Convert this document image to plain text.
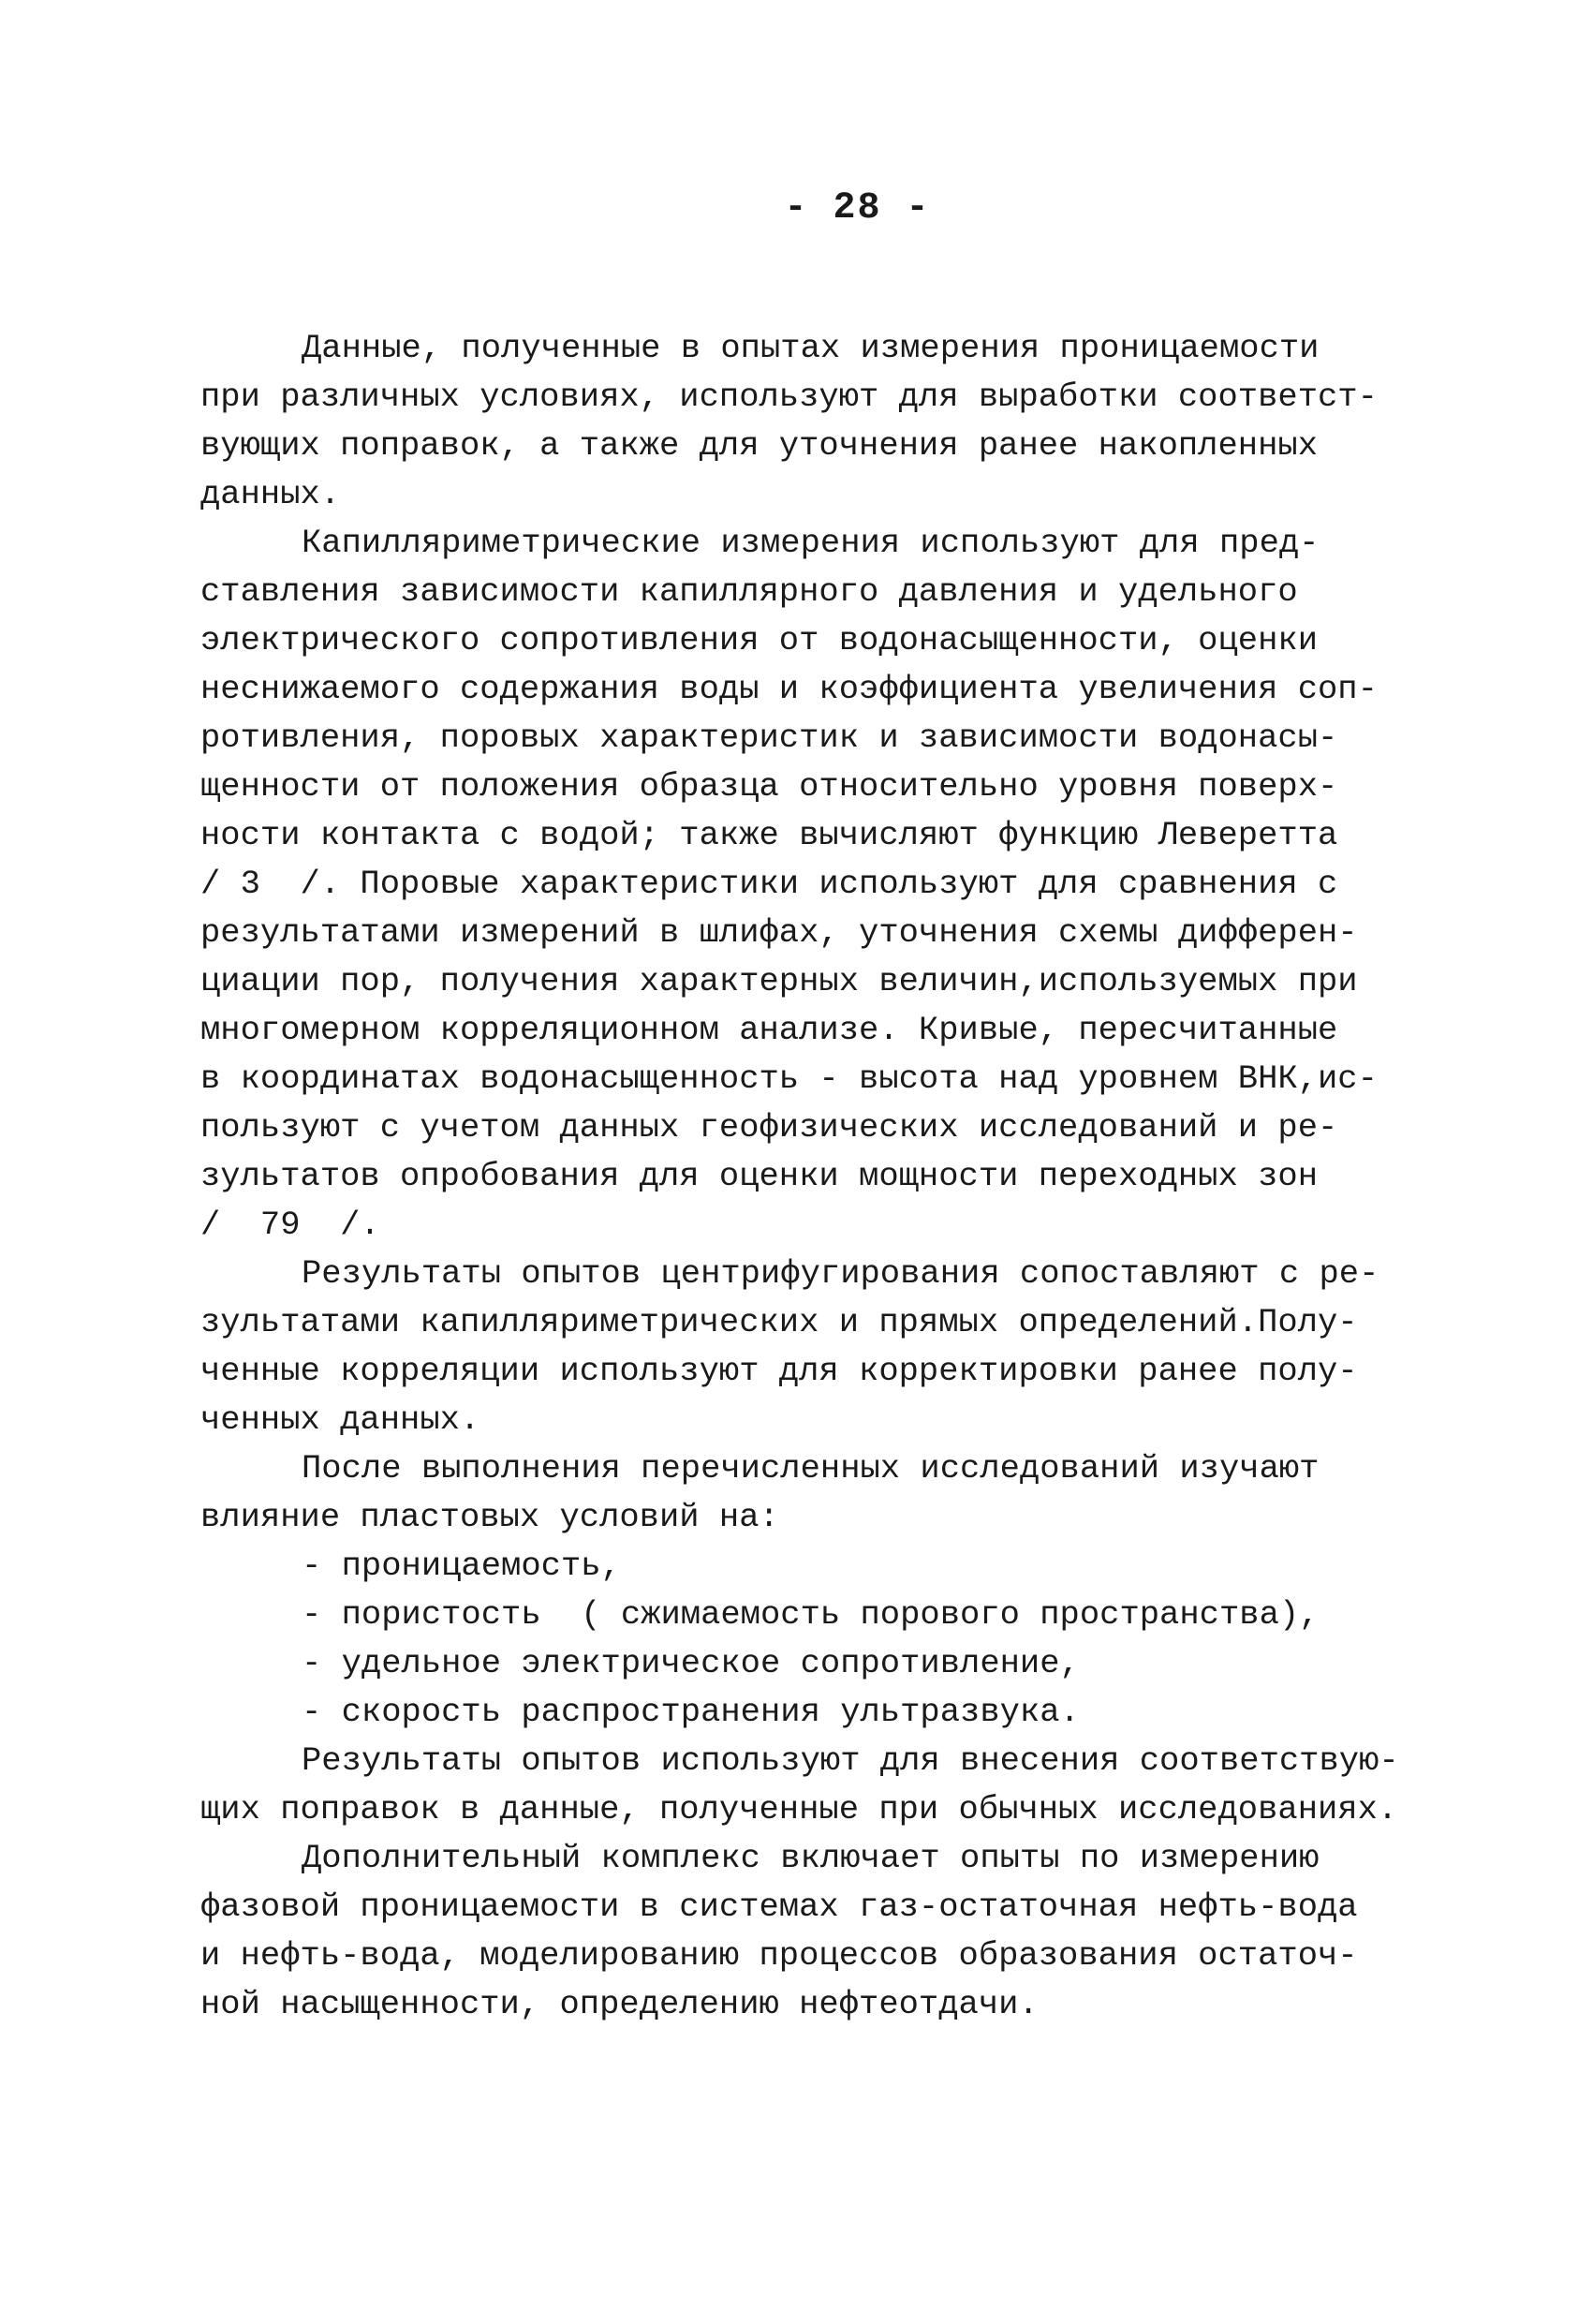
- 28 -
Данные, полученные в опытах измерения проницаемости
при различных условиях, используют для выработки соответст-
вующих поправок, а также для уточнения ранее накопленных
данных.
Капилляриметрические измерения используют для пред-
ставления зависимости капиллярного давления и удельного
электрического сопротивления от водонасыщенности, оценки
неснижаемого содержания воды и коэффициента увеличения соп-
ротивления, поровых характеристик и зависимости водонасы-
щенности от положения образца относительно уровня поверх-
ности контакта с водой; также вычисляют функцию Леверетта
/ 3  /. Поровые характеристики используют для сравнения с
результатами измерений в шлифах, уточнения схемы дифферен-
циации пор, получения характерных величин,используемых при
многомерном корреляционном анализе. Кривые, пересчитанные
в координатах водонасыщенность - высота над уровнем ВНК,ис-
пользуют с учетом данных геофизических исследований и ре-
зультатов опробования для оценки мощности переходных зон
/  79  /.
Результаты опытов центрифугирования сопоставляют с ре-
зультатами капилляриметрических и прямых определений.Полу-
ченные корреляции используют для корректировки ранее полу-
ченных данных.
После выполнения перечисленных исследований изучают
влияние пластовых условий на:
- проницаемость,
- пористость  ( сжимаемость порового пространства),
- удельное электрическое сопротивление,
- скорость распространения ультразвука.
Результаты опытов используют для внесения соответствую-
щих поправок в данные, полученные при обычных исследованиях.
Дополнительный комплекс включает опыты по измерению
фазовой проницаемости в системах газ-остаточная нефть-вода
и нефть-вода, моделированию процессов образования остаточ-
ной насыщенности, определению нефтеотдачи.
